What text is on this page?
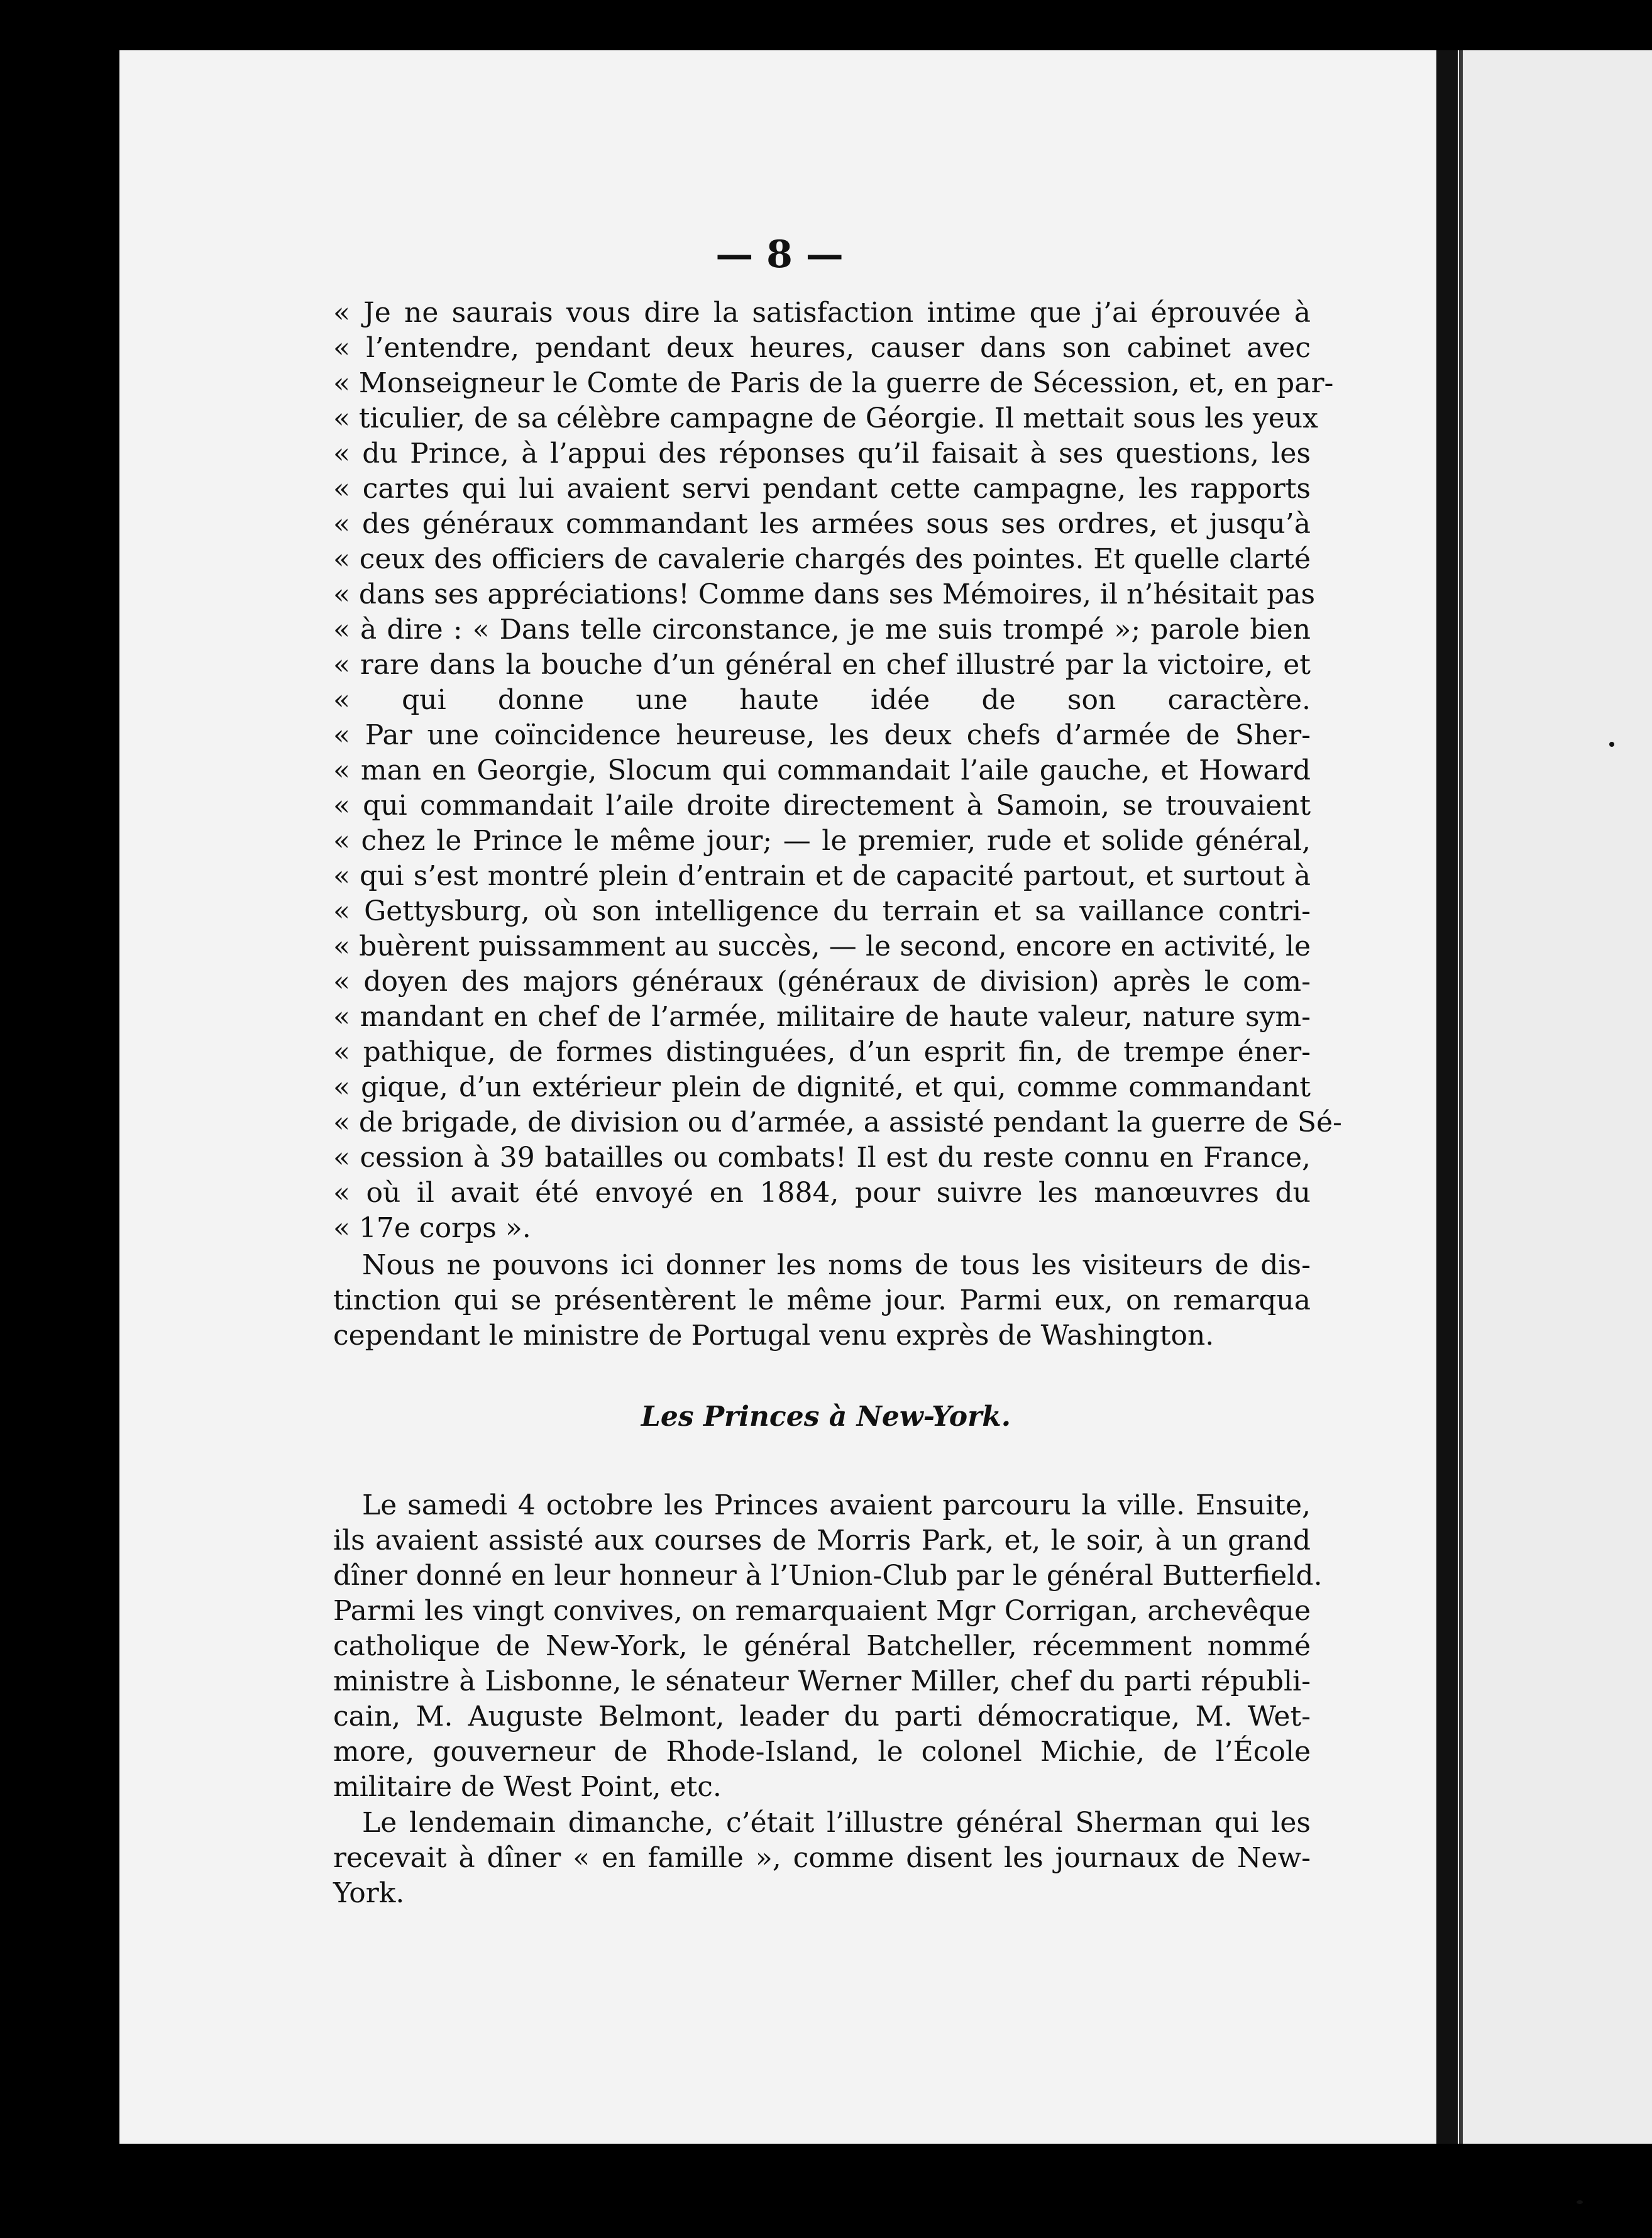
— 8 —
« Je ne saurais vous dire la satisfaction intime que j’ai éprouvée à
« l’entendre, pendant deux heures, causer dans son cabinet avec
« Monseigneur le Comte de Paris de la guerre de Sécession, et, en par-
« ticulier, de sa célèbre campagne de Géorgie. Il mettait sous les yeux
« du Prince, à l’appui des réponses qu’il faisait à ses questions, les
« cartes qui lui avaient servi pendant cette campagne, les rapports
« des généraux commandant les armées sous ses ordres, et jusqu’à
« ceux des officiers de cavalerie chargés des pointes. Et quelle clarté
« dans ses appréciations! Comme dans ses Mémoires, il n’hésitait pas
« à dire : « Dans telle circonstance, je me suis trompé »; parole bien
« rare dans la bouche d’un général en chef illustré par la victoire, et
« qui donne une haute idée de son caractère.
« Par une coïncidence heureuse, les deux chefs d’armée de Sher-
« man en Georgie, Slocum qui commandait l’aile gauche, et Howard
« qui commandait l’aile droite directement à Samoin, se trouvaient
« chez le Prince le même jour; — le premier, rude et solide général,
« qui s’est montré plein d’entrain et de capacité partout, et surtout à
« Gettysburg, où son intelligence du terrain et sa vaillance contri-
« buèrent puissamment au succès, — le second, encore en activité, le
« doyen des majors généraux (généraux de division) après le com-
« mandant en chef de l’armée, militaire de haute valeur, nature sym-
« pathique, de formes distinguées, d’un esprit fin, de trempe éner-
« gique, d’un extérieur plein de dignité, et qui, comme commandant
« de brigade, de division ou d’armée, a assisté pendant la guerre de Sé-
« cession à 39 batailles ou combats! Il est du reste connu en France,
« où il avait été envoyé en 1884, pour suivre les manœuvres du
« 17e corps ».
Nous ne pouvons ici donner les noms de tous les visiteurs de dis-
tinction qui se présentèrent le même jour. Parmi eux, on remarqua
cependant le ministre de Portugal venu exprès de Washington.
Les Princes à New-York.
Le samedi 4 octobre les Princes avaient parcouru la ville. Ensuite,
ils avaient assisté aux courses de Morris Park, et, le soir, à un grand
dîner donné en leur honneur à l’Union-Club par le général Butterfield.
Parmi les vingt convives, on remarquaient Mgr Corrigan, archevêque
catholique de New-York, le général Batcheller, récemment nommé
ministre à Lisbonne, le sénateur Werner Miller, chef du parti républi-
cain, M. Auguste Belmont, leader du parti démocratique, M. Wet-
more, gouverneur de Rhode-Island, le colonel Michie, de l’École
militaire de West Point, etc.
Le lendemain dimanche, c’était l’illustre général Sherman qui les
recevait à dîner « en famille », comme disent les journaux de New-
York.
